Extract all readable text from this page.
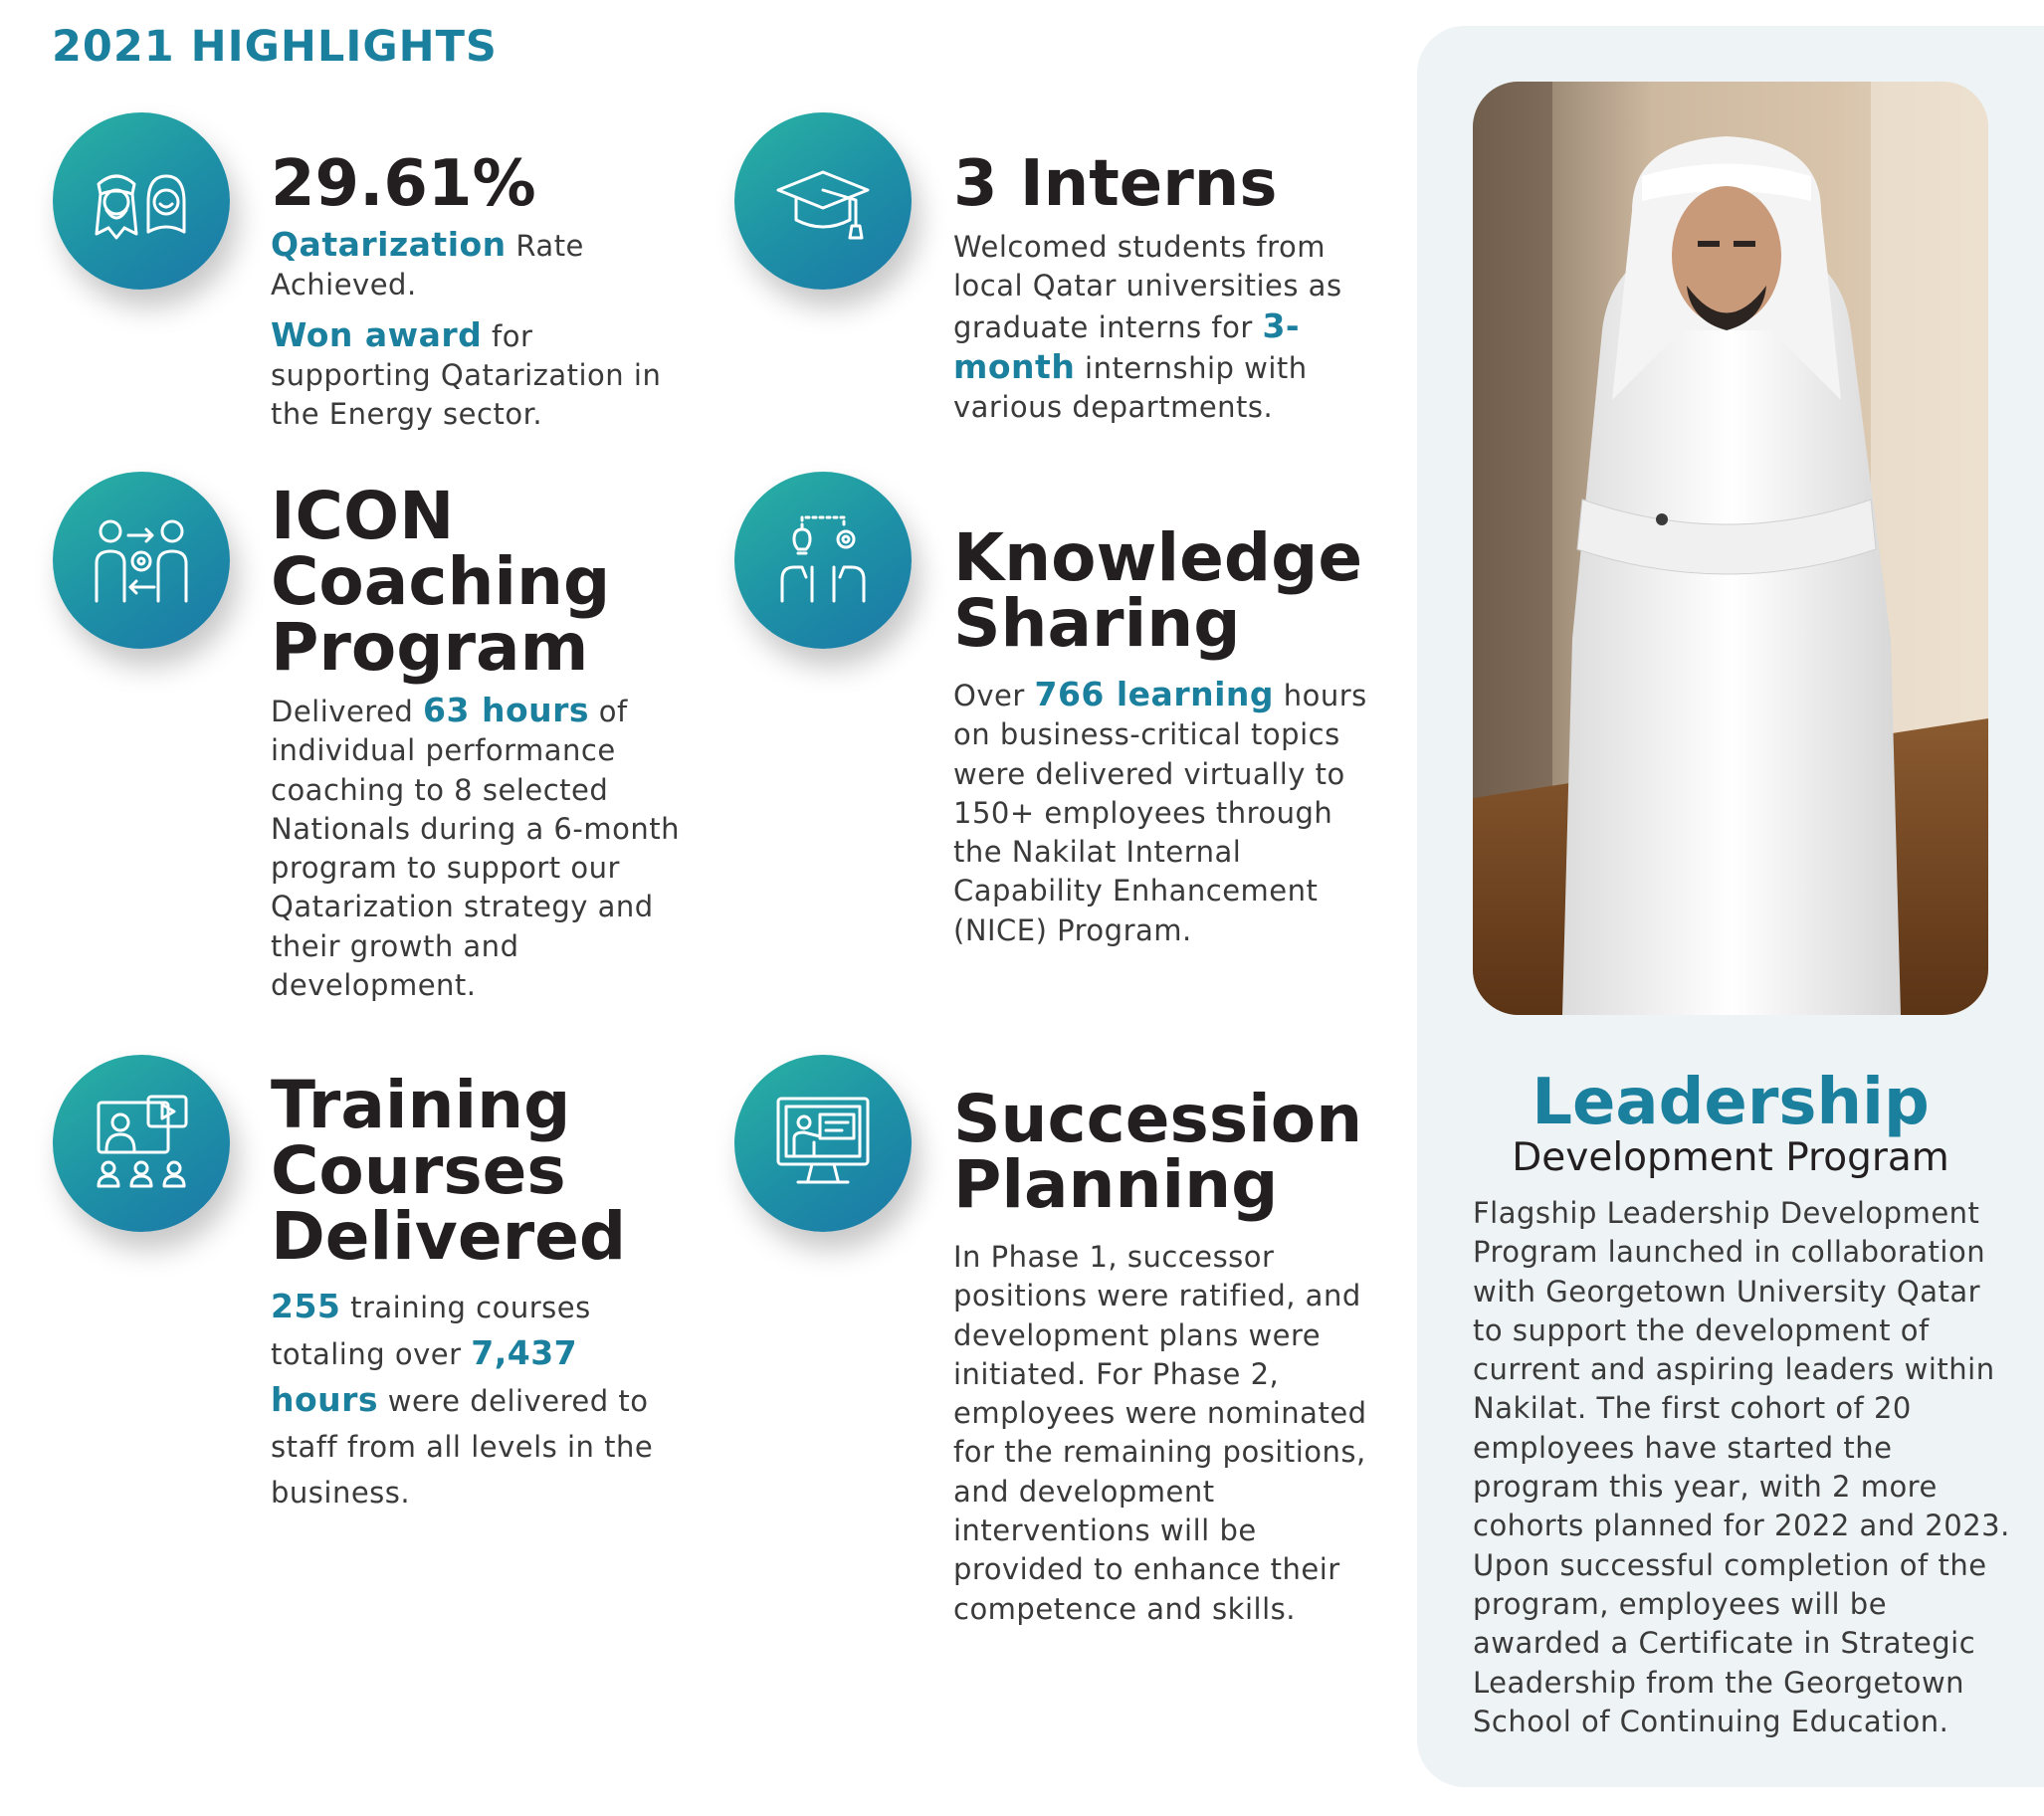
2021 HIGHLIGHTS
29.61%

Qatarization Rate Achieved.

Won award for supporting Qatarization in the Energy sector.

3 Interns

Welcomed students from local Qatar universities as graduate interns for 3-month internship with various departments.

ICON
Coaching
Program

Delivered 63 hours of individual performance coaching to 8 selected Nationals during a 6-month program to support our Qatarization strategy and their growth and development.

Knowledge
Sharing

Over 766 learning hours on business-critical topics were delivered virtually to 150+ employees through the Nakilat Internal Capability Enhancement (NICE) Program.

Training
Courses
Delivered

255 training courses totaling over 7,437 hours were delivered to staff from all levels in the business.

Succession
Planning

In Phase 1, successor positions were ratified, and development plans were initiated. For Phase 2, employees were nominated for the remaining positions, and development interventions will be provided to enhance their competence and skills.

Leadership
Development Program

Flagship Leadership Development Program launched in collaboration with Georgetown University Qatar to support the development of current and aspiring leaders within Nakilat. The first cohort of 20 employees have started the program this year, with 2 more cohorts planned for 2022 and 2023. Upon successful completion of the program, employees will be awarded a Certificate in Strategic Leadership from the Georgetown School of Continuing Education.
